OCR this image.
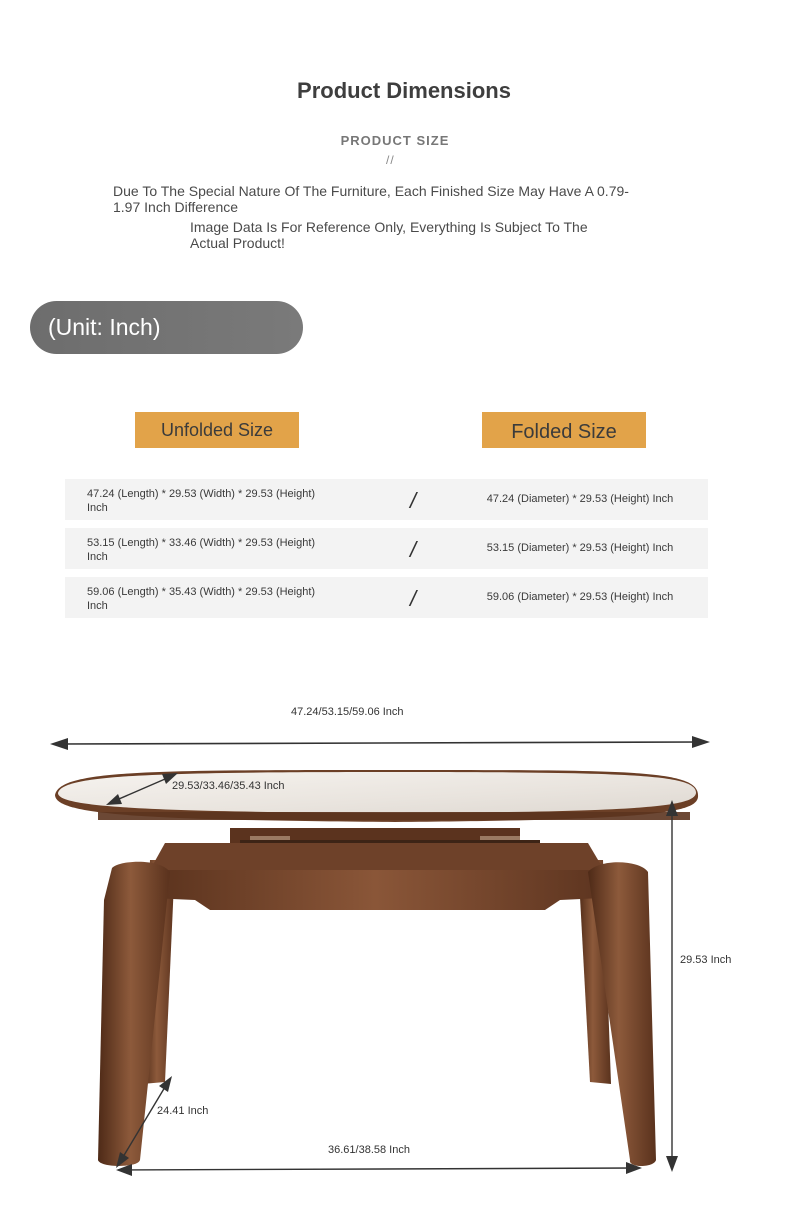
Product Dimensions
PRODUCT SIZE
//
Due To The Special Nature Of The Furniture, Each Finished Size May Have A 0.79-1.97 Inch Difference
Image Data Is For Reference Only, Everything Is Subject To The Actual Product!
(Unit: Inch)
Unfolded Size	Folded Size
47.24 (Length) * 29.53 (Width) * 29.53 (Height) Inch	/	47.24 (Diameter) * 29.53 (Height) Inch
53.15 (Length) * 33.46 (Width) * 29.53 (Height) Inch	/	53.15 (Diameter) * 29.53 (Height) Inch
59.06 (Length) * 35.43 (Width) * 29.53 (Height) Inch	/	59.06 (Diameter) * 29.53 (Height) Inch
47.24/53.15/59.06 Inch
29.53/33.46/35.43 Inch
29.53 Inch
24.41 Inch
36.61/38.58 Inch
